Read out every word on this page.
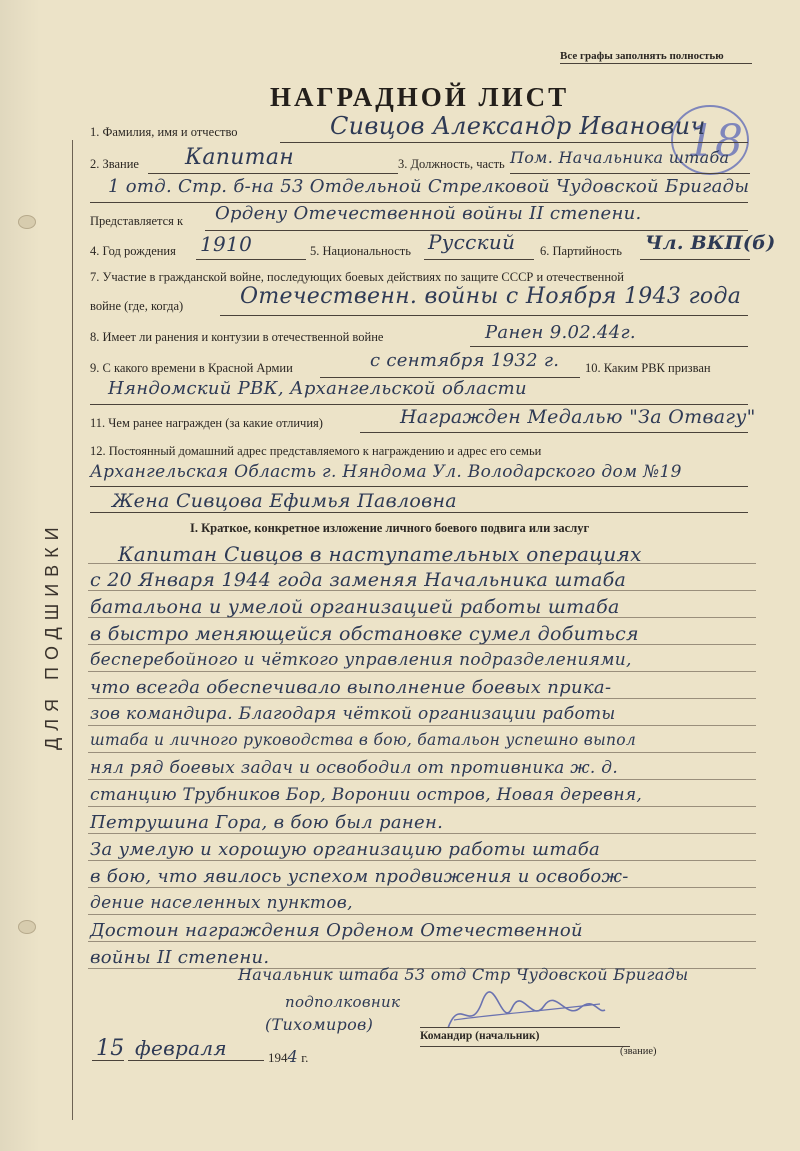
ДЛЯ ПОДШИВКИ
Все графы заполнять полностью
НАГРАДНОЙ ЛИСТ
18
1. Фамилия, имя и отчество	Сивцов Александр Иванович
2. Звание Капитан	3. Должность, часть Пом. Начальника штаба
1 отд. Стр. б-на 53 Отдельной Стрелковой Чудовской Бригады
Представляется к Ордену Отечественной войны II степени.
4. Год рождения 1910	5. Национальность Русский 6. Партийность Чл. ВКП(б)
7. Участие в гражданской войне, последующих боевых действиях по защите СССР и отечественной
войне (где, когда)	Отечественн. войны с Ноября 1943 года
8. Имеет ли ранения и контузии в отечественной войне	Ранен 9.02.44г.
9. С какого времени в Красной Армии	с сентября 1932 г. 10. Каким РВК призван
Няндомский РВК, Архангельской области
11. Чем ранее награжден (за какие отличия)	Награжден Медалью "За Отвагу"
12. Постоянный домашний адрес представляемого к награждению и адрес его семьи
Архангельская Область г. Няндома Ул. Володарского дом №19
Жена Сивцова Ефимья Павловна
I. Краткое, конкретное изложение личного боевого подвига или заслуг
Капитан Сивцов в наступательных операциях
с 20 Января 1944 года заменяя Начальника штаба
батальона и умелой организацией работы штаба
в быстро меняющейся обстановке сумел добиться
бесперебойного и чёткого управления подразделениями,
что всегда обеспечивало выполнение боевых прика-
зов командира. Благодаря чёткой организации работы
штаба и личного руководства в бою, батальон успешно выпол
нял ряд боевых задач и освободил от противника ж. д.
станцию Трубников Бор, Воронии остров, Новая деревня,
Петрушина Гора, в бою был ранен.
За умелую и хорошую организацию работы штаба
в бою, что явилось успехом продвижения и освобож-
дение населенных пунктов,
Достоин награждения Орденом Отечественной
войны II степени.
Начальник штаба 53 отд Стр Чудовской Бригады
подполковник
(Тихомиров)
Командир (начальник)
15 февраля	1944 г.	(звание)
